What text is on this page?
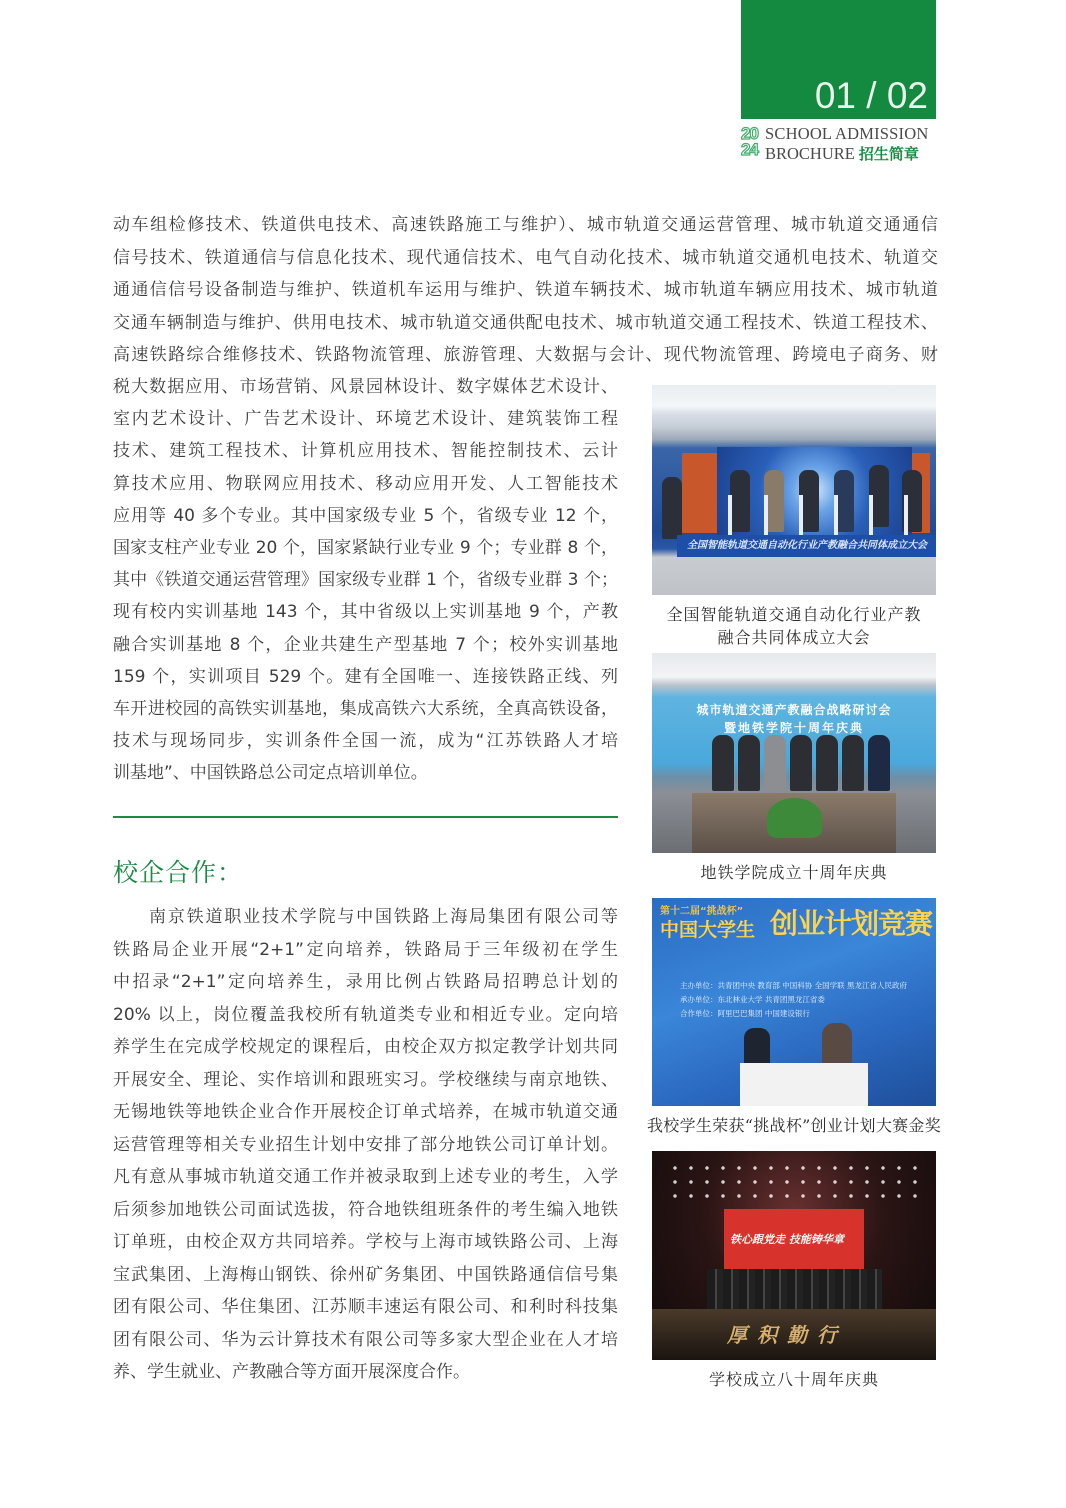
01 / 02
20
24
SCHOOL ADMISSION
BROCHURE 招生简章

动车组检修技术、铁道供电技术、高速铁路施工与维护）、城市轨道交通运营管理、城市轨道交通通信

信号技术、铁道通信与信息化技术、现代通信技术、电气自动化技术、城市轨道交通机电技术、轨道交

通通信信号设备制造与维护、铁道机车运用与维护、铁道车辆技术、城市轨道车辆应用技术、城市轨道

交通车辆制造与维护、供用电技术、城市轨道交通供配电技术、城市轨道交通工程技术、铁道工程技术、

高速铁路综合维修技术、铁路物流管理、旅游管理、大数据与会计、现代物流管理、跨境电子商务、财

税大数据应用、市场营销、风景园林设计、数字媒体艺术设计、

室内艺术设计、广告艺术设计、环境艺术设计、建筑装饰工程

技术、建筑工程技术、计算机应用技术、智能控制技术、云计

算技术应用、物联网应用技术、移动应用开发、人工智能技术

应用等 40 多个专业。其中国家级专业 5 个，省级专业 12 个，

国家支柱产业专业 20 个，国家紧缺行业专业 9 个；专业群 8 个，

其中《铁道交通运营管理》国家级专业群 1 个，省级专业群 3 个；

现有校内实训基地 143 个，其中省级以上实训基地 9 个，产教

融合实训基地 8 个，企业共建生产型基地 7 个；校外实训基地

159 个，实训项目 529 个。建有全国唯一、连接铁路正线、列

车开进校园的高铁实训基地，集成高铁六大系统，全真高铁设备，

技术与现场同步，实训条件全国一流，成为“江苏铁路人才培

训基地”、中国铁路总公司定点培训单位。

校企合作：

南京铁道职业技术学院与中国铁路上海局集团有限公司等

铁路局企业开展“2+1”定向培养，铁路局于三年级初在学生

中招录“2+1”定向培养生，录用比例占铁路局招聘总计划的

20% 以上，岗位覆盖我校所有轨道类专业和相近专业。定向培

养学生在完成学校规定的课程后，由校企双方拟定教学计划共同

开展安全、理论、实作培训和跟班实习。学校继续与南京地铁、

无锡地铁等地铁企业合作开展校企订单式培养，在城市轨道交通

运营管理等相关专业招生计划中安排了部分地铁公司订单计划。

凡有意从事城市轨道交通工作并被录取到上述专业的考生，入学

后须参加地铁公司面试选拔，符合地铁组班条件的考生编入地铁

订单班，由校企双方共同培养。学校与上海市域铁路公司、上海

宝武集团、上海梅山钢铁、徐州矿务集团、中国铁路通信信号集

团有限公司、华住集团、江苏顺丰速运有限公司、和利时科技集

团有限公司、华为云计算技术有限公司等多家大型企业在人才培

养、学生就业、产教融合等方面开展深度合作。

全国智能轨道交通自动化行业产教融合共同体成立大会
全国智能轨道交通自动化行业产教
融合共同体成立大会
城市轨道交通产教融合战略研讨会
暨地铁学院十周年庆典
地铁学院成立十周年庆典
第十二届“挑战杯”
中国大学生 创业计划竞赛
主办单位：共青团中央 教育部 中国科协 全国学联 黑龙江省人民政府
承办单位：东北林业大学 共青团黑龙江省委
合作单位：阿里巴巴集团 中国建设银行
我校学生荣获“挑战杯”创业计划大赛金奖
铁心跟党走 技能铸华章
厚积勤行
学校成立八十周年庆典
